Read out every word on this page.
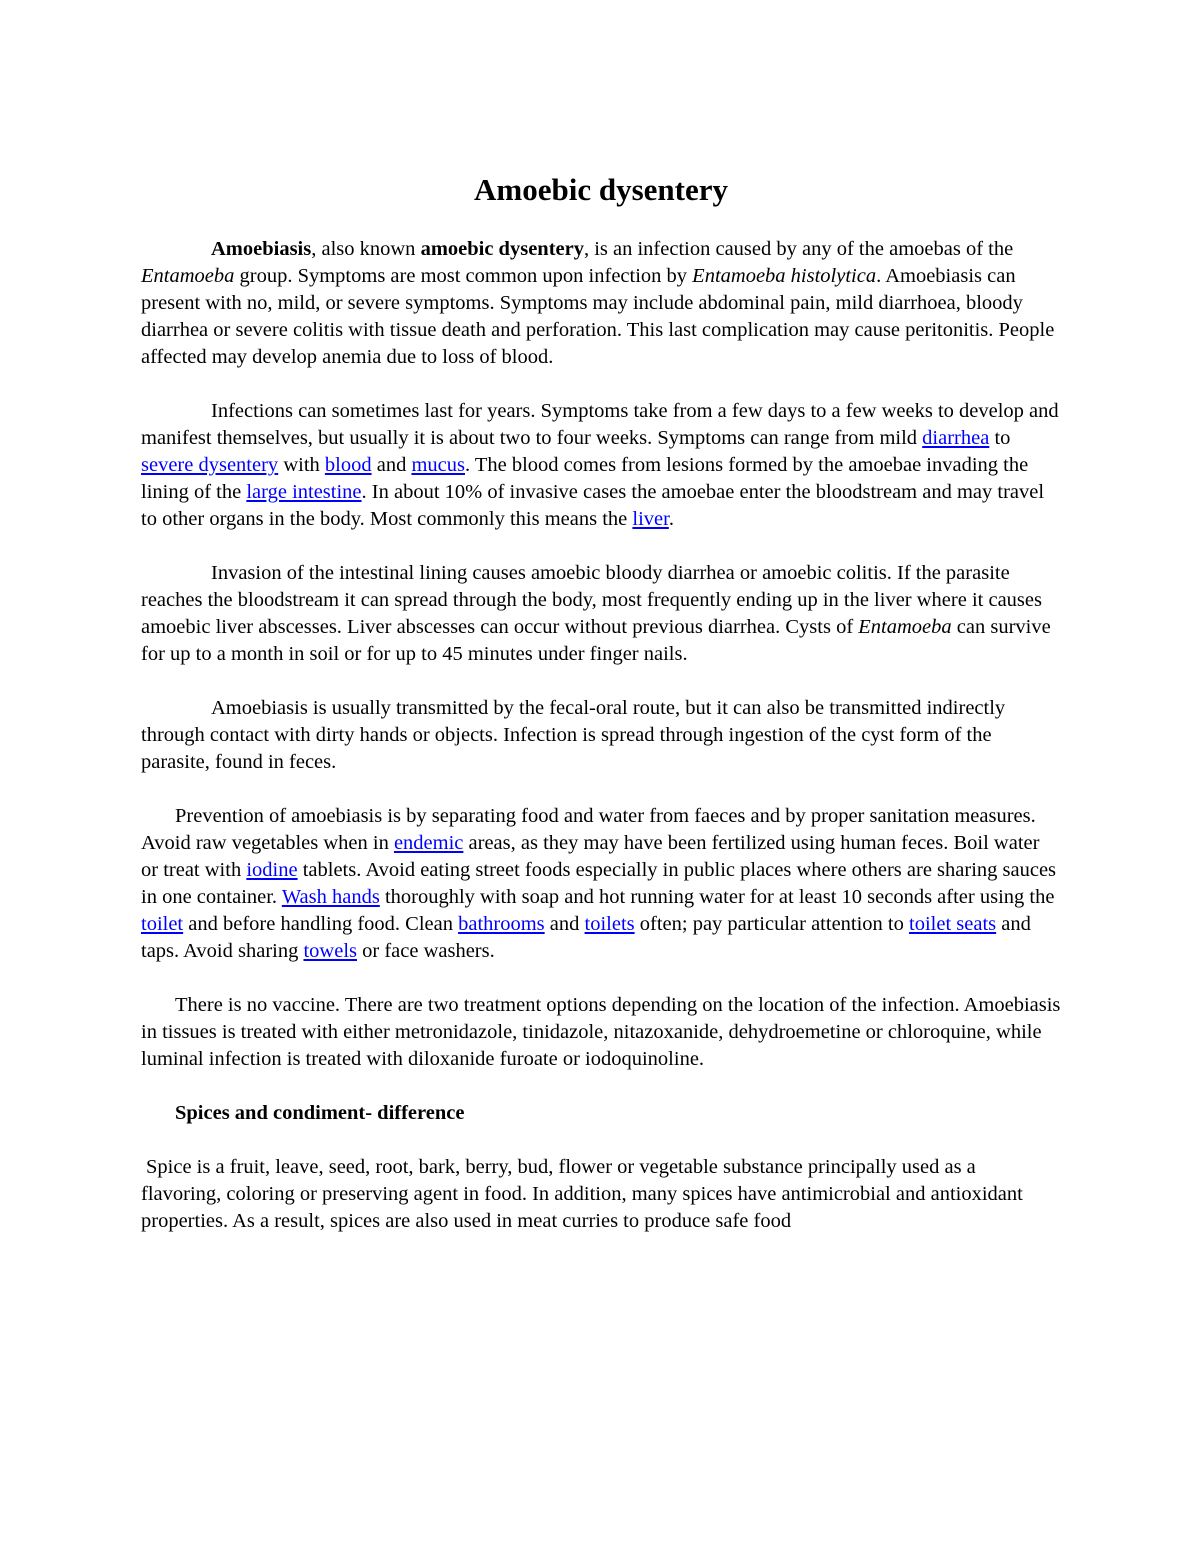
Amoebic dysentery

Amoebiasis, also known amoebic dysentery, is an infection caused by any of the amoebas of the Entamoeba group. Symptoms are most common upon infection by Entamoeba histolytica. Amoebiasis can present with no, mild, or severe symptoms. Symptoms may include abdominal pain, mild diarrhoea, bloody diarrhea or severe colitis with tissue death and perforation. This last complication may cause peritonitis. People affected may develop anemia due to loss of blood.

Infections can sometimes last for years. Symptoms take from a few days to a few weeks to develop and manifest themselves, but usually it is about two to four weeks. Symptoms can range from mild diarrhea to severe dysentery with blood and mucus. The blood comes from lesions formed by the amoebae invading the lining of the large intestine. In about 10% of invasive cases the amoebae enter the bloodstream and may travel to other organs in the body. Most commonly this means the liver.

Invasion of the intestinal lining causes amoebic bloody diarrhea or amoebic colitis. If the parasite reaches the bloodstream it can spread through the body, most frequently ending up in the liver where it causes amoebic liver abscesses. Liver abscesses can occur without previous diarrhea. Cysts of Entamoeba can survive for up to a month in soil or for up to 45 minutes under finger nails.

Amoebiasis is usually transmitted by the fecal-oral route, but it can also be transmitted indirectly through contact with dirty hands or objects. Infection is spread through ingestion of the cyst form of the parasite, found in feces.

Prevention of amoebiasis is by separating food and water from faeces and by proper sanitation measures. Avoid raw vegetables when in endemic areas, as they may have been fertilized using human feces. Boil water or treat with iodine tablets. Avoid eating street foods especially in public places where others are sharing sauces in one container. Wash hands thoroughly with soap and hot running water for at least 10 seconds after using the toilet and before handling food. Clean bathrooms and toilets often; pay particular attention to toilet seats and taps. Avoid sharing towels or face washers.

There is no vaccine. There are two treatment options depending on the location of the infection. Amoebiasis in tissues is treated with either metronidazole, tinidazole, nitazoxanide, dehydroemetine or chloroquine, while luminal infection is treated with diloxanide furoate or iodoquinoline.

Spices and condiment- difference

Spice is a fruit, leave, seed, root, bark, berry, bud, flower or vegetable substance principally used as a flavoring, coloring or preserving agent in food. In addition, many spices have antimicrobial and antioxidant properties. As a result, spices are also used in meat curries to produce safe food
